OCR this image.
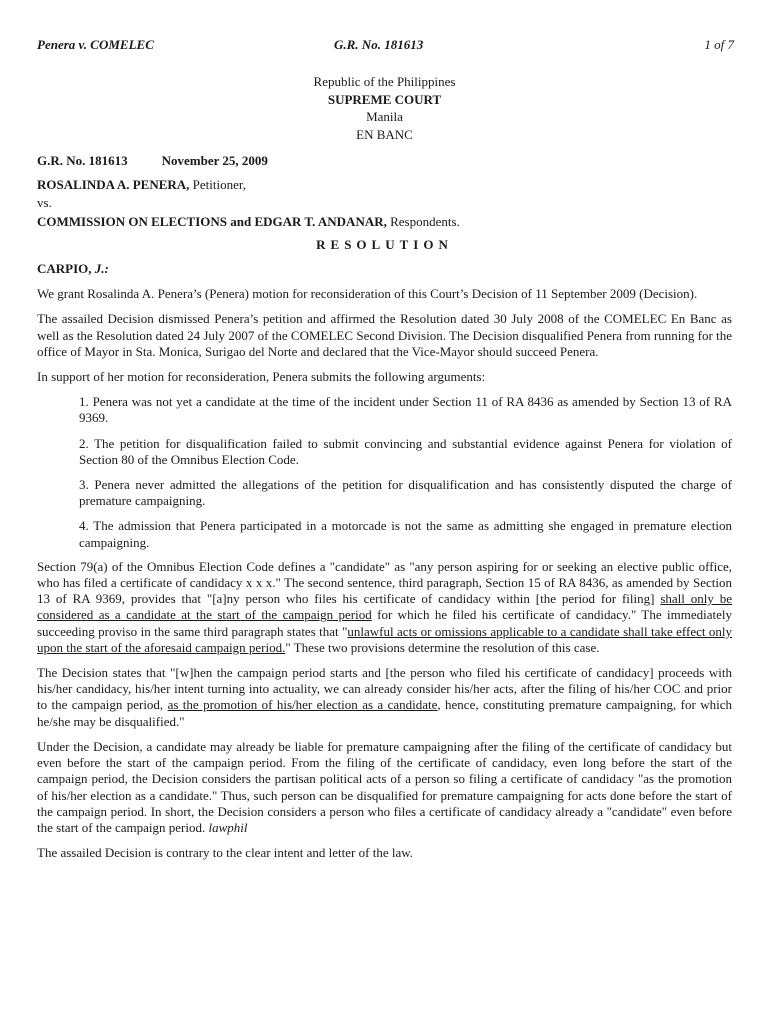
Penera v. COMELEC	G.R. No. 181613	1 of 7
Republic of the Philippines
SUPREME COURT
Manila
EN BANC
G.R. No. 181613	November 25, 2009
ROSALINDA A. PENERA, Petitioner,
vs.
COMMISSION ON ELECTIONS and EDGAR T. ANDANAR, Respondents.
RESOLUTION
CARPIO, J.:

We grant Rosalinda A. Penera’s (Penera) motion for reconsideration of this Court’s Decision of 11 September 2009 (Decision).

The assailed Decision dismissed Penera’s petition and affirmed the Resolution dated 30 July 2008 of the COMELEC En Banc as well as the Resolution dated 24 July 2007 of the COMELEC Second Division. The Decision disqualified Penera from running for the office of Mayor in Sta. Monica, Surigao del Norte and declared that the Vice-Mayor should succeed Penera.

In support of her motion for reconsideration, Penera submits the following arguments:

1. Penera was not yet a candidate at the time of the incident under Section 11 of RA 8436 as amended by Section 13 of RA 9369.
2. The petition for disqualification failed to submit convincing and substantial evidence against Penera for violation of Section 80 of the Omnibus Election Code.
3. Penera never admitted the allegations of the petition for disqualification and has consistently disputed the charge of premature campaigning.
4. The admission that Penera participated in a motorcade is not the same as admitting she engaged in premature election campaigning.

Section 79(a) of the Omnibus Election Code defines a "candidate" as "any person aspiring for or seeking an elective public office, who has filed a certificate of candidacy x x x." The second sentence, third paragraph, Section 15 of RA 8436, as amended by Section 13 of RA 9369, provides that "[a]ny person who files his certificate of candidacy within [the period for filing] shall only be considered as a candidate at the start of the campaign period for which he filed his certificate of candidacy." The immediately succeeding proviso in the same third paragraph states that "unlawful acts or omissions applicable to a candidate shall take effect only upon the start of the aforesaid campaign period." These two provisions determine the resolution of this case.

The Decision states that "[w]hen the campaign period starts and [the person who filed his certificate of candidacy] proceeds with his/her candidacy, his/her intent turning into actuality, we can already consider his/her acts, after the filing of his/her COC and prior to the campaign period, as the promotion of his/her election as a candidate, hence, constituting premature campaigning, for which he/she may be disqualified."

Under the Decision, a candidate may already be liable for premature campaigning after the filing of the certificate of candidacy but even before the start of the campaign period. From the filing of the certificate of candidacy, even long before the start of the campaign period, the Decision considers the partisan political acts of a person so filing a certificate of candidacy "as the promotion of his/her election as a candidate." Thus, such person can be disqualified for premature campaigning for acts done before the start of the campaign period. In short, the Decision considers a person who files a certificate of candidacy already a "candidate" even before the start of the campaign period. lawphil

The assailed Decision is contrary to the clear intent and letter of the law.
